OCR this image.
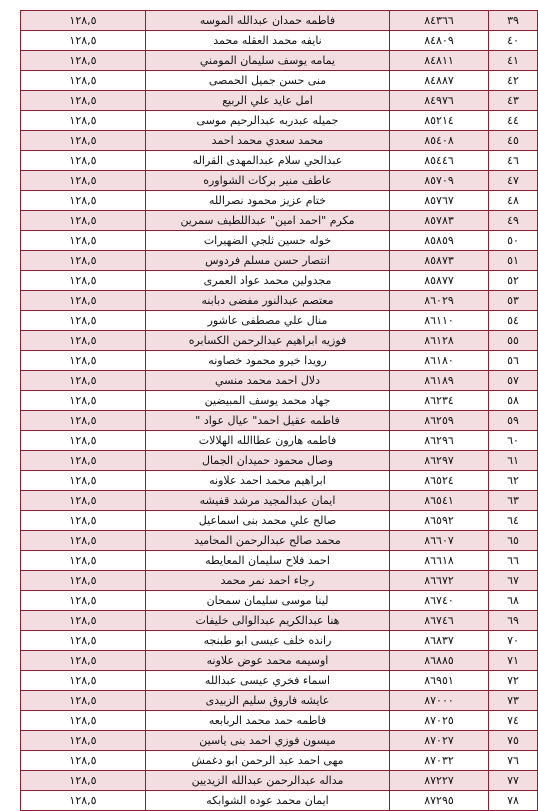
٣٩	٨٤٣٦٦	فاطمه حمدان عبدالله الموسه	١٢٨,٥
٤٠	٨٤٨٠٩	نايفه محمد العقله محمد	١٢٨,٥
٤١	٨٤٨١١	يمامه يوسف سليمان المومني	١٢٨,٥
٤٢	٨٤٨٨٧	منى حسن جميل الحمصى	١٢٨,٥
٤٣	٨٤٩٧٦	امل عايد علي الربيع	١٢٨,٥
٤٤	٨٥٢١٤	جميله عبدربه عبدالرحيم موسى	١٢٨,٥
٤٥	٨٥٤٠٨	محمد سعدي محمد احمد	١٢٨,٥
٤٦	٨٥٤٤٦	عبدالحي سلام عبدالمهدى القراله	١٢٨,٥
٤٧	٨٥٧٠٩	عاطف منير بركات الشواوره	١٢٨,٥
٤٨	٨٥٧٦٧	ختام عزيز محمود نصرالله	١٢٨,٥
٤٩	٨٥٧٨٣	مكرم "احمد امين" عبداللطيف سمرين	١٢٨,٥
٥٠	٨٥٨٥٩	خوله حسين ثلجي الضهيرات	١٢٨,٥
٥١	٨٥٨٧٣	انتصار حسن مسلم فردوس	١٢٨,٥
٥٢	٨٥٨٧٧	مجدولين محمد عواد العمرى	١٢٨,٥
٥٣	٨٦٠٢٩	معتصم عبدالنور مفضى دبابنه	١٢٨,٥
٥٤	٨٦١١٠	منال علي مصطفى عاشور	١٢٨,٥
٥٥	٨٦١٢٨	فوزيه ابراهيم عبدالرحمن الكسابره	١٢٨,٥
٥٦	٨٦١٨٠	رويدا خيرو محمود خصاونه	١٢٨,٥
٥٧	٨٦١٨٩	دلال احمد محمد منسي	١٢٨,٥
٥٨	٨٦٢٣٤	جهاد محمد يوسف المبيضين	١٢٨,٥
٥٩	٨٦٢٥٩	فاطمه عقيل احمد" عيال عواد "	١٢٨,٥
٦٠	٨٦٢٩٦	فاطمه هارون عطاالله الهلالات	١٢٨,٥
٦١	٨٦٢٩٧	وصال محمود حميدان الجمال	١٢٨,٥
٦٢	٨٦٥٢٤	ابراهيم محمد احمد علاونه	١٢٨,٥
٦٣	٨٦٥٤١	ايمان عبدالمجيد مرشد قفيشه	١٢٨,٥
٦٤	٨٦٥٩٢	صالح علي محمد بنى اسماعيل	١٢٨,٥
٦٥	٨٦٦٠٧	محمد صالح عبدالرحمن المحاميد	١٢٨,٥
٦٦	٨٦٦١٨	احمد فلاح سليمان المعايطه	١٢٨,٥
٦٧	٨٦٦٧٢	رجاء احمد نمر محمد	١٢٨,٥
٦٨	٨٦٧٤٠	لينا موسى سليمان سمحان	١٢٨,٥
٦٩	٨٦٧٤٦	هنا عبدالكريم عبدالوالى خليفات	١٢٨,٥
٧٠	٨٦٨٣٧	رانده خلف عيسى ابو طبنجه	١٢٨,٥
٧١	٨٦٨٨٥	اوسيمه محمد عوض علاونه	١٢٨,٥
٧٢	٨٦٩٥١	اسماء فخري عيسى عبدالله	١٢٨,٥
٧٣	٨٧٠٠٠	عايشه فاروق سليم الزبيدى	١٢٨,٥
٧٤	٨٧٠٢٥	فاطمه حمد محمد الربابعه	١٢٨,٥
٧٥	٨٧٠٢٧	ميسون فوزي احمد بنى ياسين	١٢٨,٥
٧٦	٨٧٠٣٢	مهى احمد عبد الرحمن ابو دغمش	١٢٨,٥
٧٧	٨٧٢٢٧	مداله عبدالرحمن عبدالله الزيديين	١٢٨,٥
٧٨	٨٧٢٩٥	ايمان محمد عوده الشوابكه	١٢٨,٥
